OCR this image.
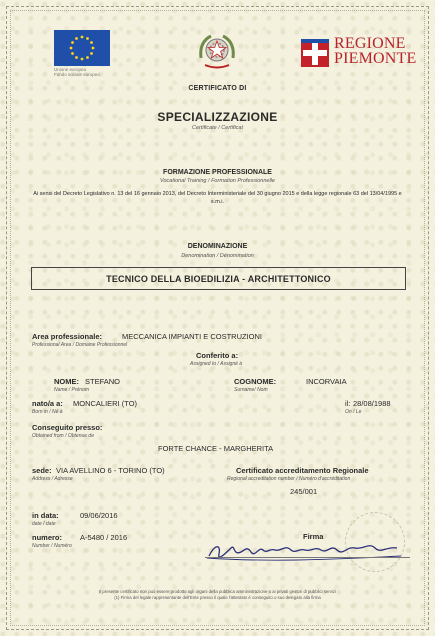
Unione europea
Fondo sociale europeo
REGIONE
PIEMONTE
CERTIFICATO DI
SPECIALIZZAZIONE
Certificate / Certificat
FORMAZIONE PROFESSIONALE
Vocational Training / Formation Professionnelle
Ai sensi del Decreto Legislativo n. 13 del 16 gennaio 2013, del Decreto Interministeriale del 30 giugno 2015 e della legge regionale 63 del 13/04/1995 e s.m.i.
DENOMINAZIONE
Denomination / Dénomination
TECNICO DELLA BIOEDILIZIA - ARCHITETTONICO
Area professionale:	MECCANICA IMPIANTI E COSTRUZIONI
Professional Area / Domaine Professionnel
Conferito a:
Assigned to / Assigné à
NOME: STEFANO
Name / Prénom
COGNOME:	INCORVAIA
Surname/ Nom
nato/a a: MONCALIERI (TO)
Born in / Né à
il: 28/08/1988
On / Le
Conseguito presso:
Obtained from / Obtenue de
FORTE CHANCE - MARGHERITA
sede: VIA AVELLINO 6 - TORINO (TO)
Address / Adresse
Certificato accreditamento Regionale
Regional accreditation number / Numéro d'accréditation
245/001
in data:	09/06/2016
date / date
numero: A-5480 / 2016
Number / Numéro
Firma
Il presente certificato non può essere prodotto agli organi della pubblica amministrazione o ai privati gestori di pubblici servizi
(1) Firma del legale rappresentante dell'Ente presso il quale l'attestato è conseguito o suo delegato alla firma
